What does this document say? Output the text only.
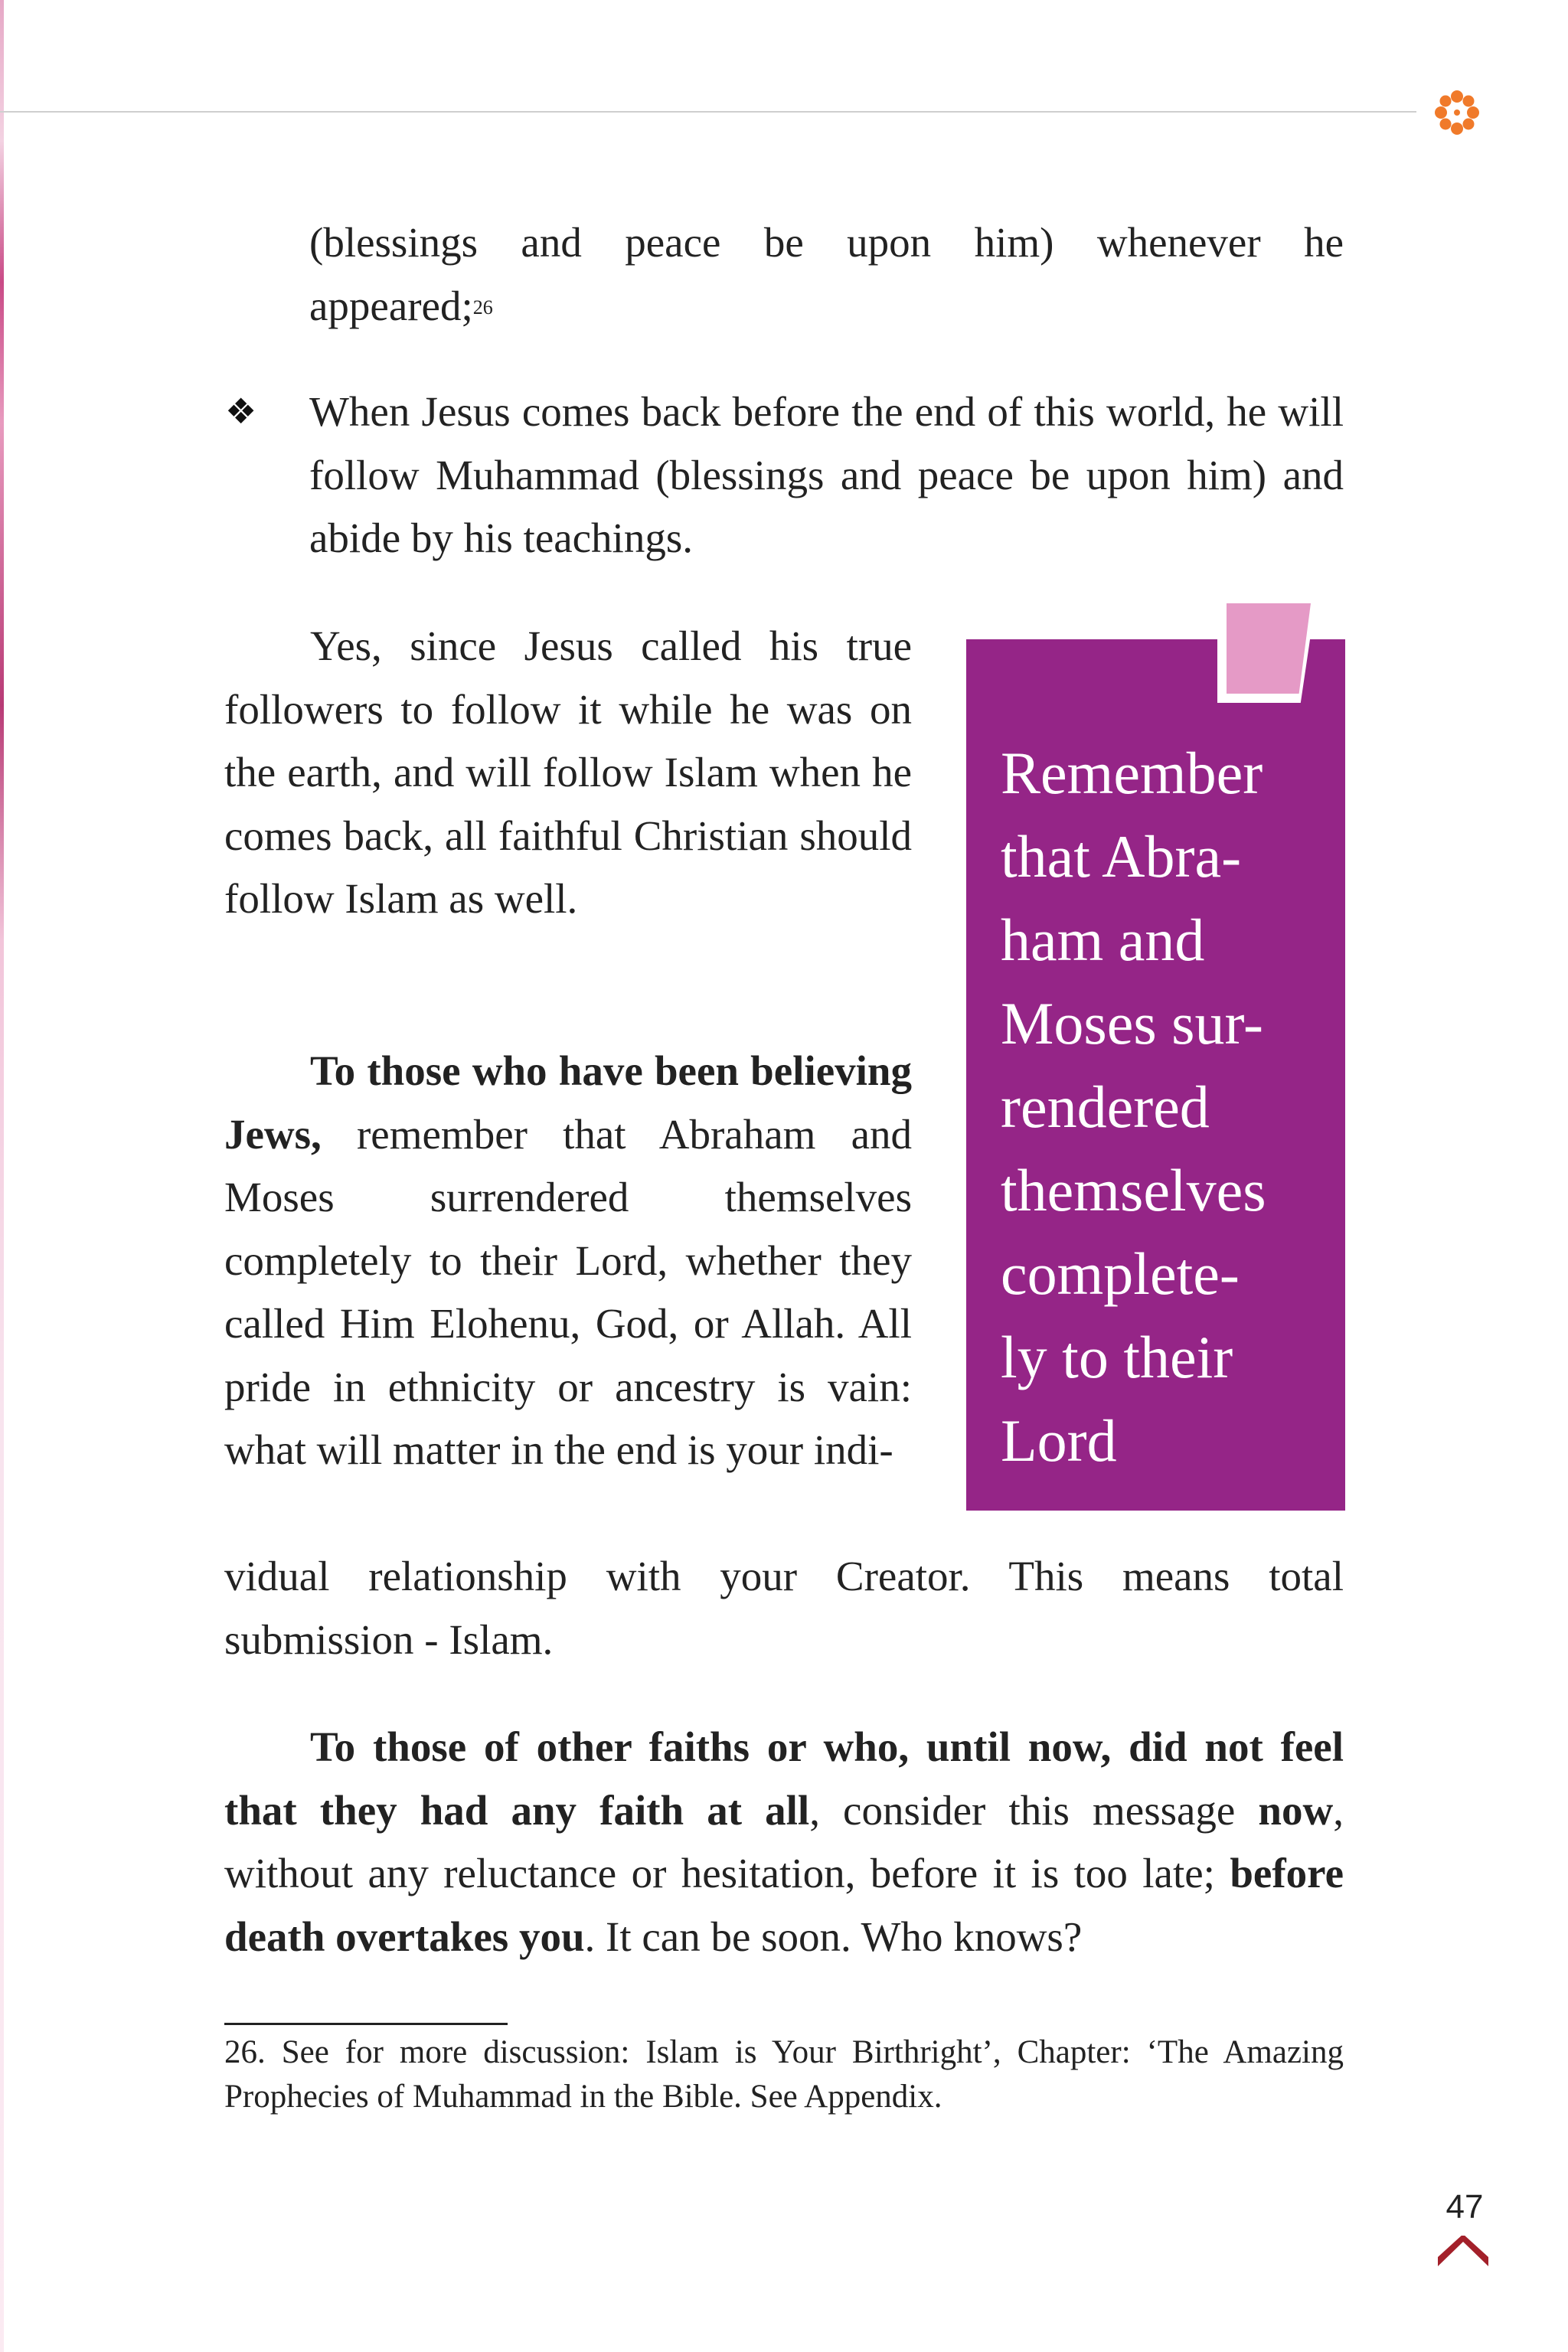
(blessings and peace be upon him) whenever he
appeared;$^{26}$

❖ When Jesus comes back before the end of this world, he will follow Muhammad (blessings and peace be upon him) and abide by his teachings.

Yes, since Jesus called his true followers to follow it while he was on the earth, and will follow Islam when he comes back, all faithful Christian should follow Islam as well.

To those who have been believing Jews, remember that Abraham and Moses surrendered themselves completely to their Lord, whether they called Him Elohenu, God, or Allah. All pride in ethnicity or ancestry is vain: what will matter in the end is your indi-

vidual relationship with your Creator. This means total submission - Islam.

Remember
that Abra-
ham and
Moses sur-
rendered
themselves
complete-
ly to their
Lord

To those of other faiths or who, until now, did not feel that they had any faith at all, consider this message now, without any reluctance or hesitation, before it is too late; before death overtakes you. It can be soon. Who knows?

26. See for more discussion: Islam is Your Birthright’, Chapter: ‘The Amazing Prophecies of Muhammad in the Bible. See Appendix.

47
